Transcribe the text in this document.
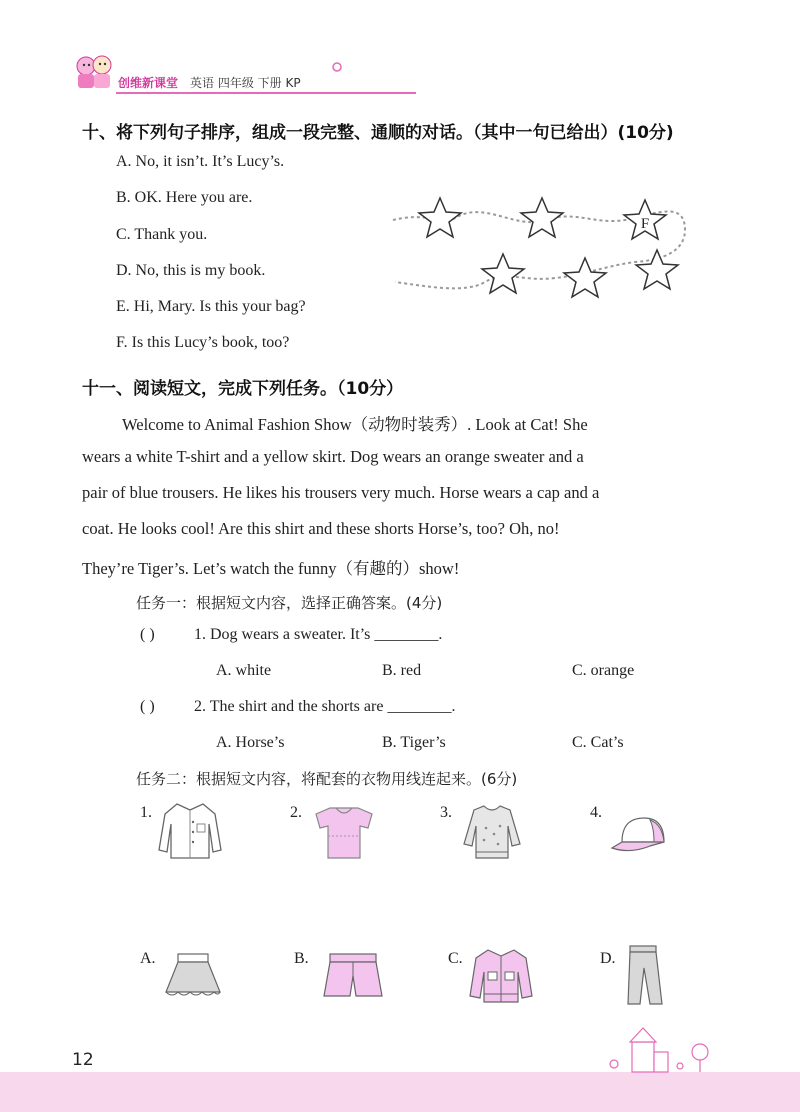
创维新课堂 英语 四年级 下册 KP
十、将下列句子排序，组成一段完整、通顺的对话。（其中一句已给出）(10分)
A. No, it isn’t. It’s Lucy’s.
B. OK. Here you are.
C. Thank you.
D. No, this is my book.
E. Hi, Mary. Is this your bag?
F. Is this Lucy’s book, too?
F
十一、阅读短文，完成下列任务。（10分）
Welcome to Animal Fashion Show（动物时装秀）. Look at Cat! She
wears a white T-shirt and a yellow skirt. Dog wears an orange sweater and a
pair of blue trousers. He likes his trousers very much. Horse wears a cap and a
coat. He looks cool! Are this shirt and these shorts Horse’s, too? Oh, no!
They’re Tiger’s. Let’s watch the funny（有趣的）show!
任务一：根据短文内容，选择正确答案。(4分)
( ) 1. Dog wears a sweater. It’s ________.
A. white	B. red	C. orange
( ) 2. The shirt and the shorts are ________.
A. Horse’s	B. Tiger’s	C. Cat’s
任务二：根据短文内容，将配套的衣物用线连起来。(6分)
1.	2.	3.	4.
A.	B.	C.	D.
12
